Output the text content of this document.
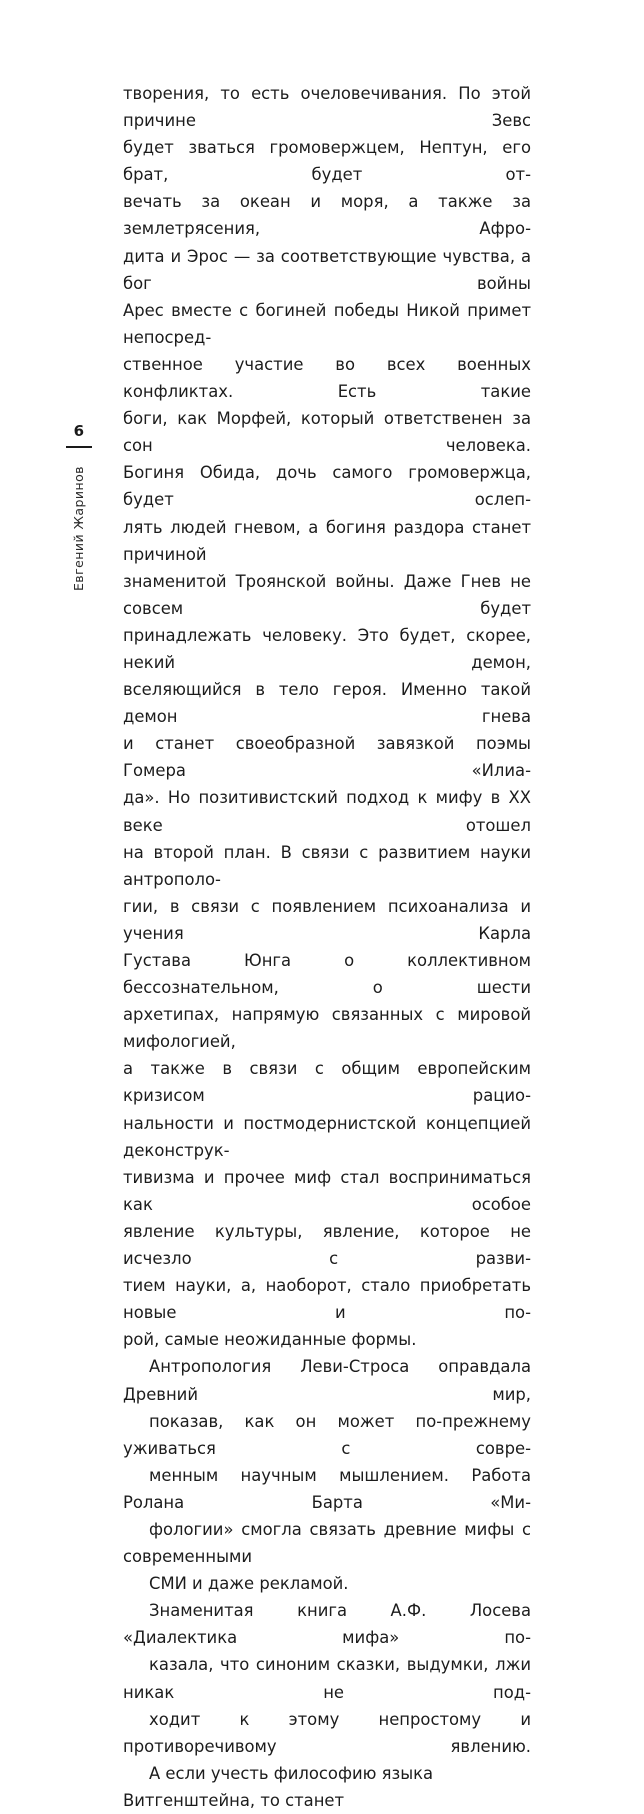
6
Евгений Жаринов

творения, то есть очеловечивания. По этой причине Зевс
будет зваться громовержцем, Нептун, его брат, будет от-
вечать за океан и моря, а также за землетрясения, Афро-
дита и Эрос — за соответствующие чувства, а бог войны
Арес вместе с богиней победы Никой примет непосред-
ственное участие во всех военных конфликтах. Есть такие
боги, как Морфей, который ответственен за сон человека.
Богиня Обида, дочь самого громовержца, будет ослеп-
лять людей гневом, а богиня раздора станет причиной
знаменитой Троянской войны. Даже Гнев не совсем будет
принадлежать человеку. Это будет, скорее, некий демон,
вселяющийся в тело героя. Именно такой демон гнева
и станет своеобразной завязкой поэмы Гомера «Илиа-
да». Но позитивистский подход к мифу в XX веке отошел
на второй план. В связи с развитием науки антрополо-
гии, в связи с появлением психоанализа и учения Карла
Густава Юнга о коллективном бессознательном, о шести
архетипах, напрямую связанных с мировой мифологией,
а также в связи с общим европейским кризисом рацио-
нальности и постмодернистской концепцией деконструк-
тивизма и прочее миф стал восприниматься как особое
явление культуры, явление, которое не исчезло с разви-
тием науки, а, наоборот, стало приобретать новые и по-
рой, самые неожиданные формы.

Антропология Леви-Строса оправдала Древний мир,
показав, как он может по-прежнему уживаться с совре-
менным научным мышлением. Работа Ролана Барта «Ми-
фологии» смогла связать древние мифы с современными
СМИ и даже рекламой.

Знаменитая книга А.Ф. Лосева «Диалектика мифа» по-
казала, что синоним сказки, выдумки, лжи никак не под-
ходит к этому непростому и противоречивому явлению.
А если учесть философию языка Витгенштейна, то станет
